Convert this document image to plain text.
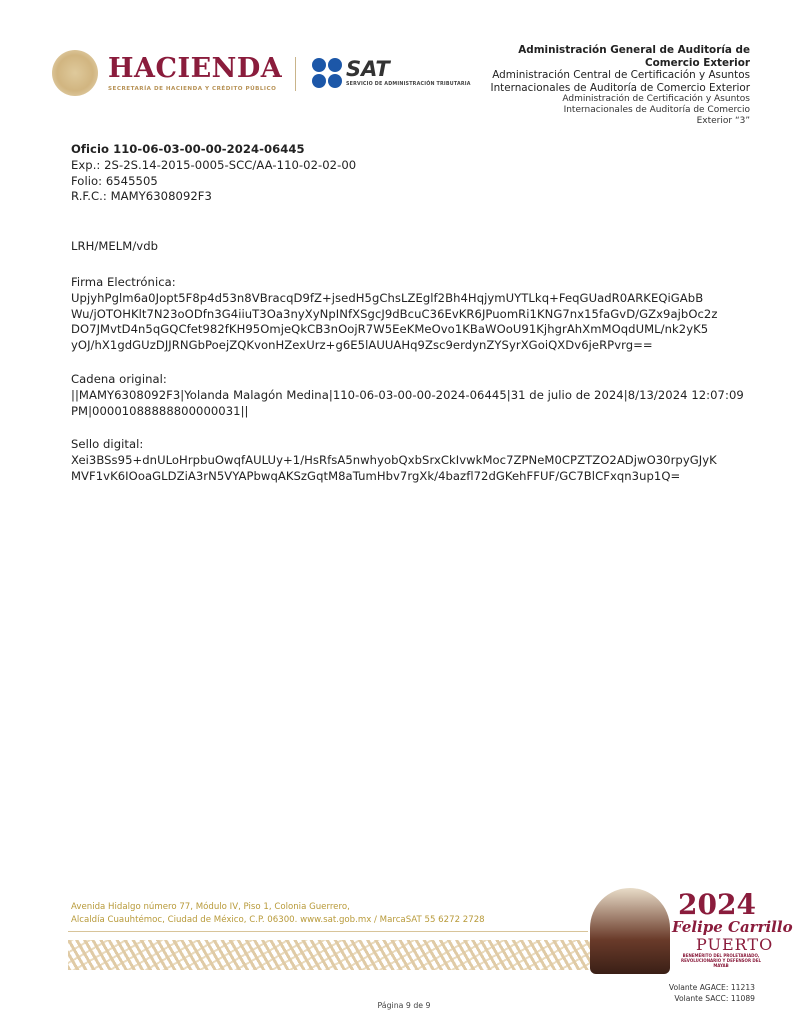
HACIENDA
SECRETARÍA DE HACIENDA Y CRÉDITO PÚBLICO
SAT
SERVICIO DE ADMINISTRACIÓN TRIBUTARIA
Administración General de Auditoría de
Comercio Exterior
Administración Central de Certificación y Asuntos
Internacionales de Auditoría de Comercio Exterior
Administración de Certificación y Asuntos
Internacionales de Auditoría de Comercio
Exterior “3”
Oficio 110-06-03-00-00-2024-06445
Exp.: 2S-2S.14-2015-0005-SCC/AA-110-02-02-00
Folio: 6545505
R.F.C.: MAMY6308092F3
LRH/MELM/vdb
Firma Electrónica:
UpjyhPglm6a0Jopt5F8p4d53n8VBracqD9fZ+jsedH5gChsLZEglf2Bh4HqjymUYTLkq+FeqGUadR0ARKEQiGAbB
Wu/jOTOHKlt7N23oODfn3G4iiuT3Oa3nyXyNpINfXSgcJ9dBcuC36EvKR6JPuomRi1KNG7nx15faGvD/GZx9ajbOc2z
DO7JMvtD4n5qGQCfet982fKH95OmjeQkCB3nOojR7W5EeKMeOvo1KBaWOoU91KjhgrAhXmMOqdUML/nk2yK5
yOJ/hX1gdGUzDJJRNGbPoejZQKvonHZexUrz+g6E5lAUUAHq9Zsc9erdynZYSyrXGoiQXDv6jeRPvrg==
Cadena original:
||MAMY6308092F3|Yolanda Malagón Medina|110-06-03-00-00-2024-06445|31 de julio de 2024|8/13/2024 12:07:09
PM|00001088888800000031||
Sello digital:
Xei3BSs95+dnULoHrpbuOwqfAULUy+1/HsRfsA5nwhyobQxbSrxCkIvwkMoc7ZPNeM0CPZTZO2ADjwO30rpyGJyK
MVF1vK6IOoaGLDZiA3rN5VYAPbwqAKSzGqtM8aTumHbv7rgXk/4bazfl72dGKehFFUF/GC7BlCFxqn3up1Q=
Avenida Hidalgo número 77, Módulo IV, Piso 1, Colonia Guerrero,
Alcaldía Cuauhtémoc, Ciudad de México, C.P. 06300. www.sat.gob.mx / MarcaSAT 55 6272 2728	2024
Felipe Carrillo
PUERTO
BENEMÉRITO DEL PROLETARIADO, REVOLUCIONARIO Y DEFENSOR DEL MAYAB
Volante AGACE: 11213
Volante SACC: 11089
Página 9 de 9
